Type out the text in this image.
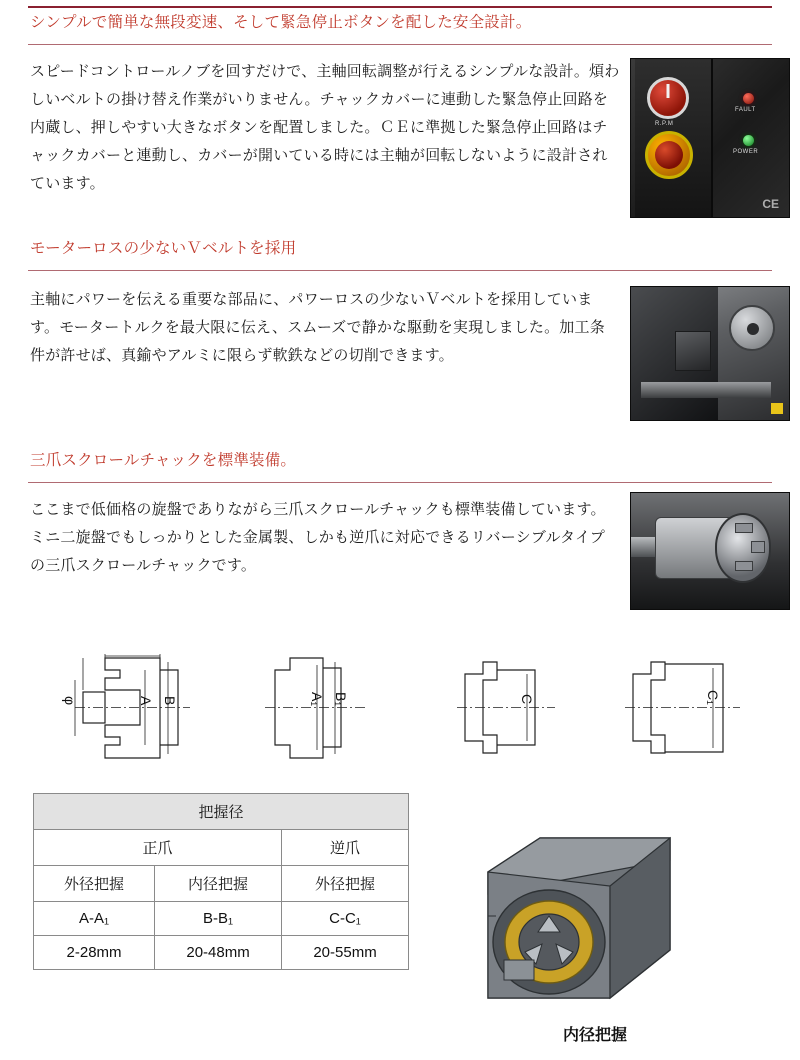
シンプルで簡単な無段変速、そして緊急停止ボタンを配した安全設計。
スピードコントロールノブを回すだけで、主軸回転調整が行えるシンプルな設計。煩わしいベルトの掛け替え作業がいりません。チャックカバーに連動した緊急停止回路を内蔵し、押しやすい大きなボタンを配置しました。ＣＥに準拠した緊急停止回路はチャックカバーと連動し、カバーが開いている時には主軸が回転しないように設計されています。
R.P.M
FAULT
POWER
CE
モーターロスの少ないＶベルトを採用
主軸にパワーを伝える重要な部品に、パワーロスの少ないＶベルトを採用しています。モータートルクを最大限に伝え、スムーズで静かな駆動を実現しました。加工条件が許せば、真鍮やアルミに限らず軟鉄などの切削できます。
三爪スクロールチャックを標準装備。
ここまで低価格の旋盤でありながら三爪スクロールチャックも標準装備しています。ミニ二旋盤でもしっかりとした金属製、しかも逆爪に対応できるリバーシブルタイプの三爪スクロールチャックです。
φ	A B	A₁ B₁	C	C₁
把握径		
正爪		逆爪
外径把握	内径把握	外径把握
A-A₁	B-B₁	C-C₁
2-28mm	20-48mm	20-55mm
内径把握
